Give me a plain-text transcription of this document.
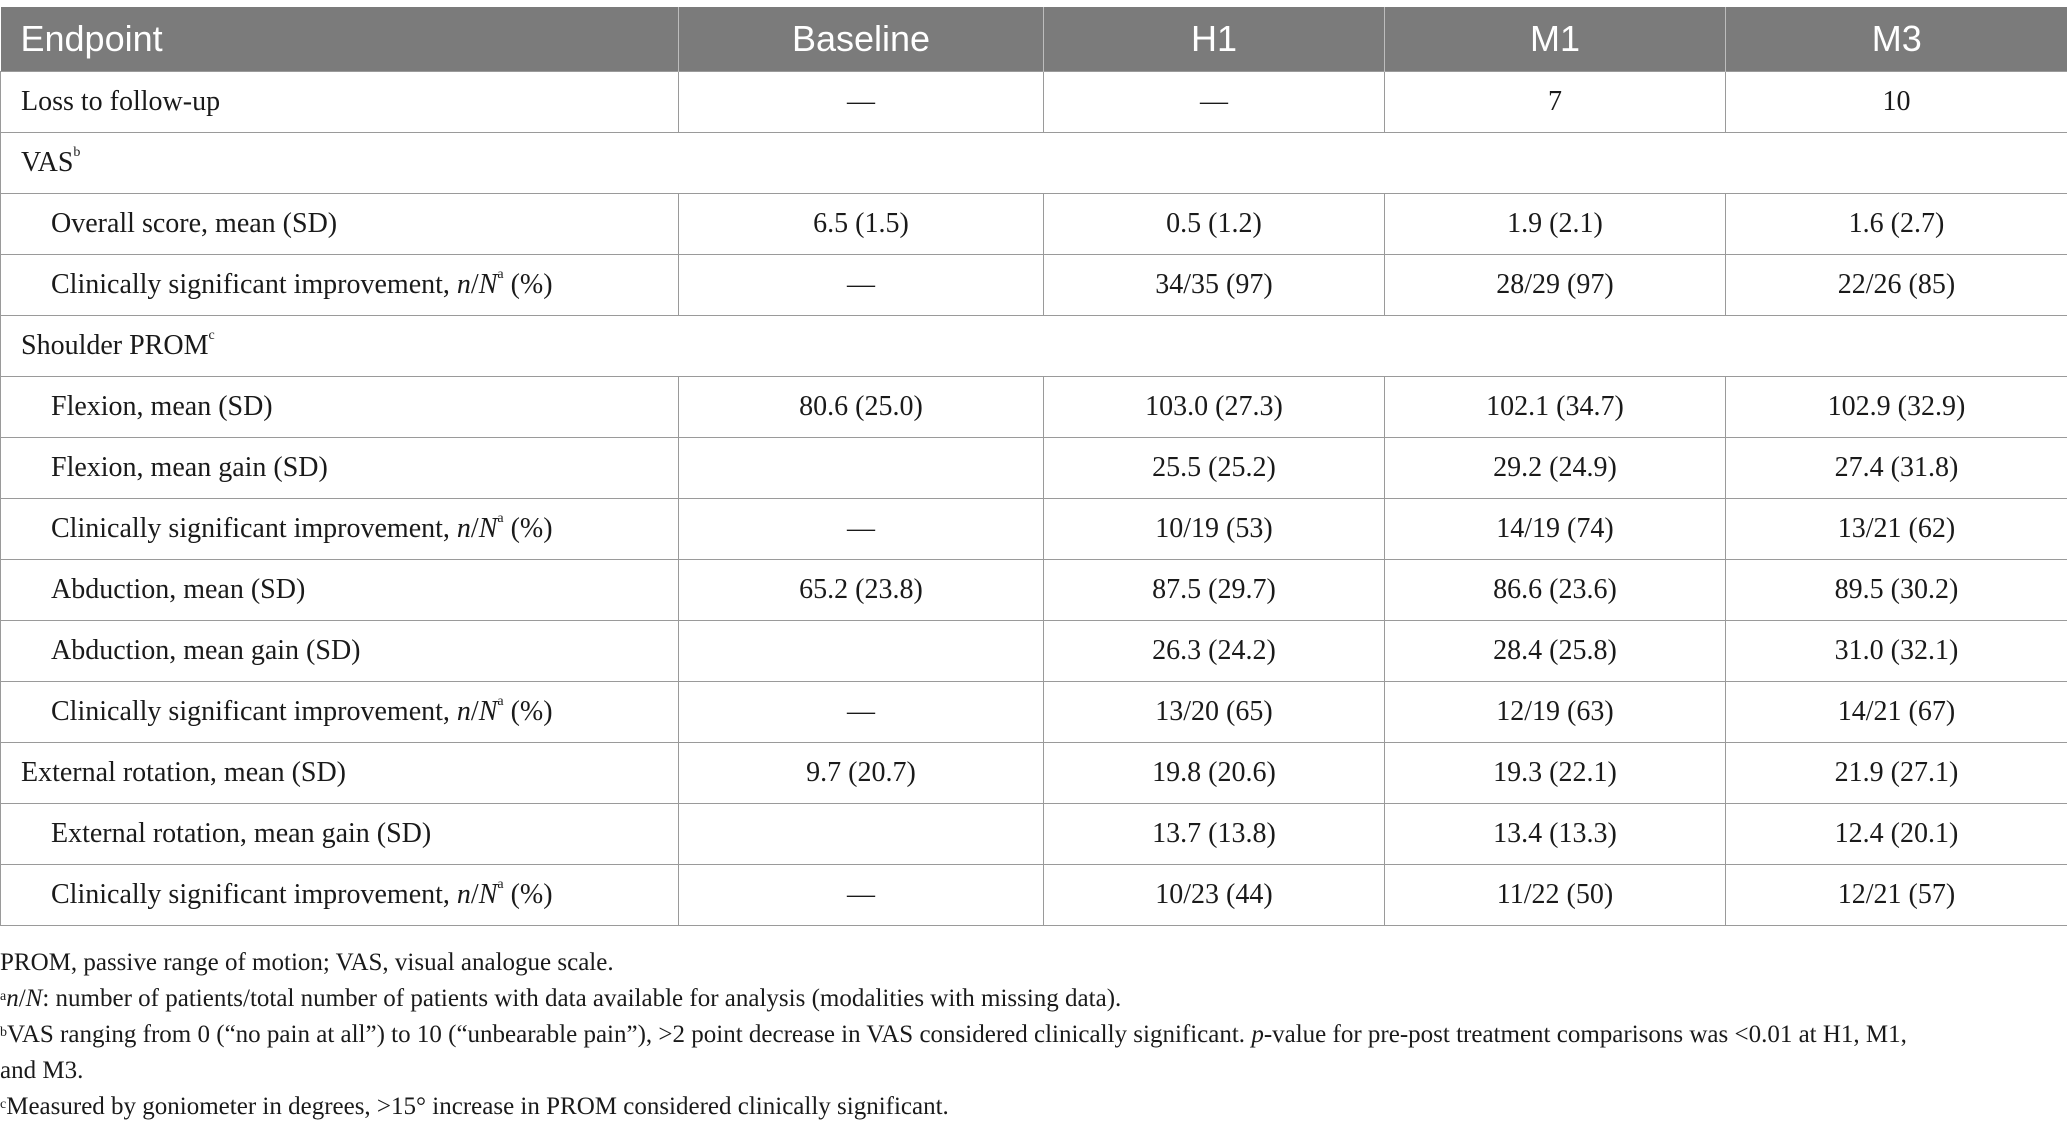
Endpoint	Baseline	H1	M1	M3
Loss to follow-up	—	—	7	10
VAS$^b$
Overall score, mean (SD)	6.5 (1.5)	0.5 (1.2)	1.9 (2.1)	1.6 (2.7)
Clinically significant improvement, $n/N^a$ (%)	—	34/35 (97)	28/29 (97)	22/26 (85)
Shoulder PROM$^c$
Flexion, mean (SD)	80.6 (25.0)	103.0 (27.3)	102.1 (34.7)	102.9 (32.9)
Flexion, mean gain (SD)		25.5 (25.2)	29.2 (24.9)	27.4 (31.8)
Clinically significant improvement, $n/N^a$ (%)	—	10/19 (53)	14/19 (74)	13/21 (62)
Abduction, mean (SD)	65.2 (23.8)	87.5 (29.7)	86.6 (23.6)	89.5 (30.2)
Abduction, mean gain (SD)		26.3 (24.2)	28.4 (25.8)	31.0 (32.1)
Clinically significant improvement, $n/N^a$ (%)	—	13/20 (65)	12/19 (63)	14/21 (67)
External rotation, mean (SD)	9.7 (20.7)	19.8 (20.6)	19.3 (22.1)	21.9 (27.1)
External rotation, mean gain (SD)		13.7 (13.8)	13.4 (13.3)	12.4 (20.1)
Clinically significant improvement, $n/N^a$ (%)	—	10/23 (44)	11/22 (50)	12/21 (57)

PROM, passive range of motion; VAS, visual analogue scale.

$^a$n/N: number of patients/total number of patients with data available for analysis (modalities with missing data).

$^b$VAS ranging from 0 (“no pain at all”) to 10 (“unbearable pain”), >2 point decrease in VAS considered clinically significant. p-value for pre-post treatment comparisons was <0.01 at H1, M1,

and M3.

$^c$Measured by goniometer in degrees, >15° increase in PROM considered clinically significant.
